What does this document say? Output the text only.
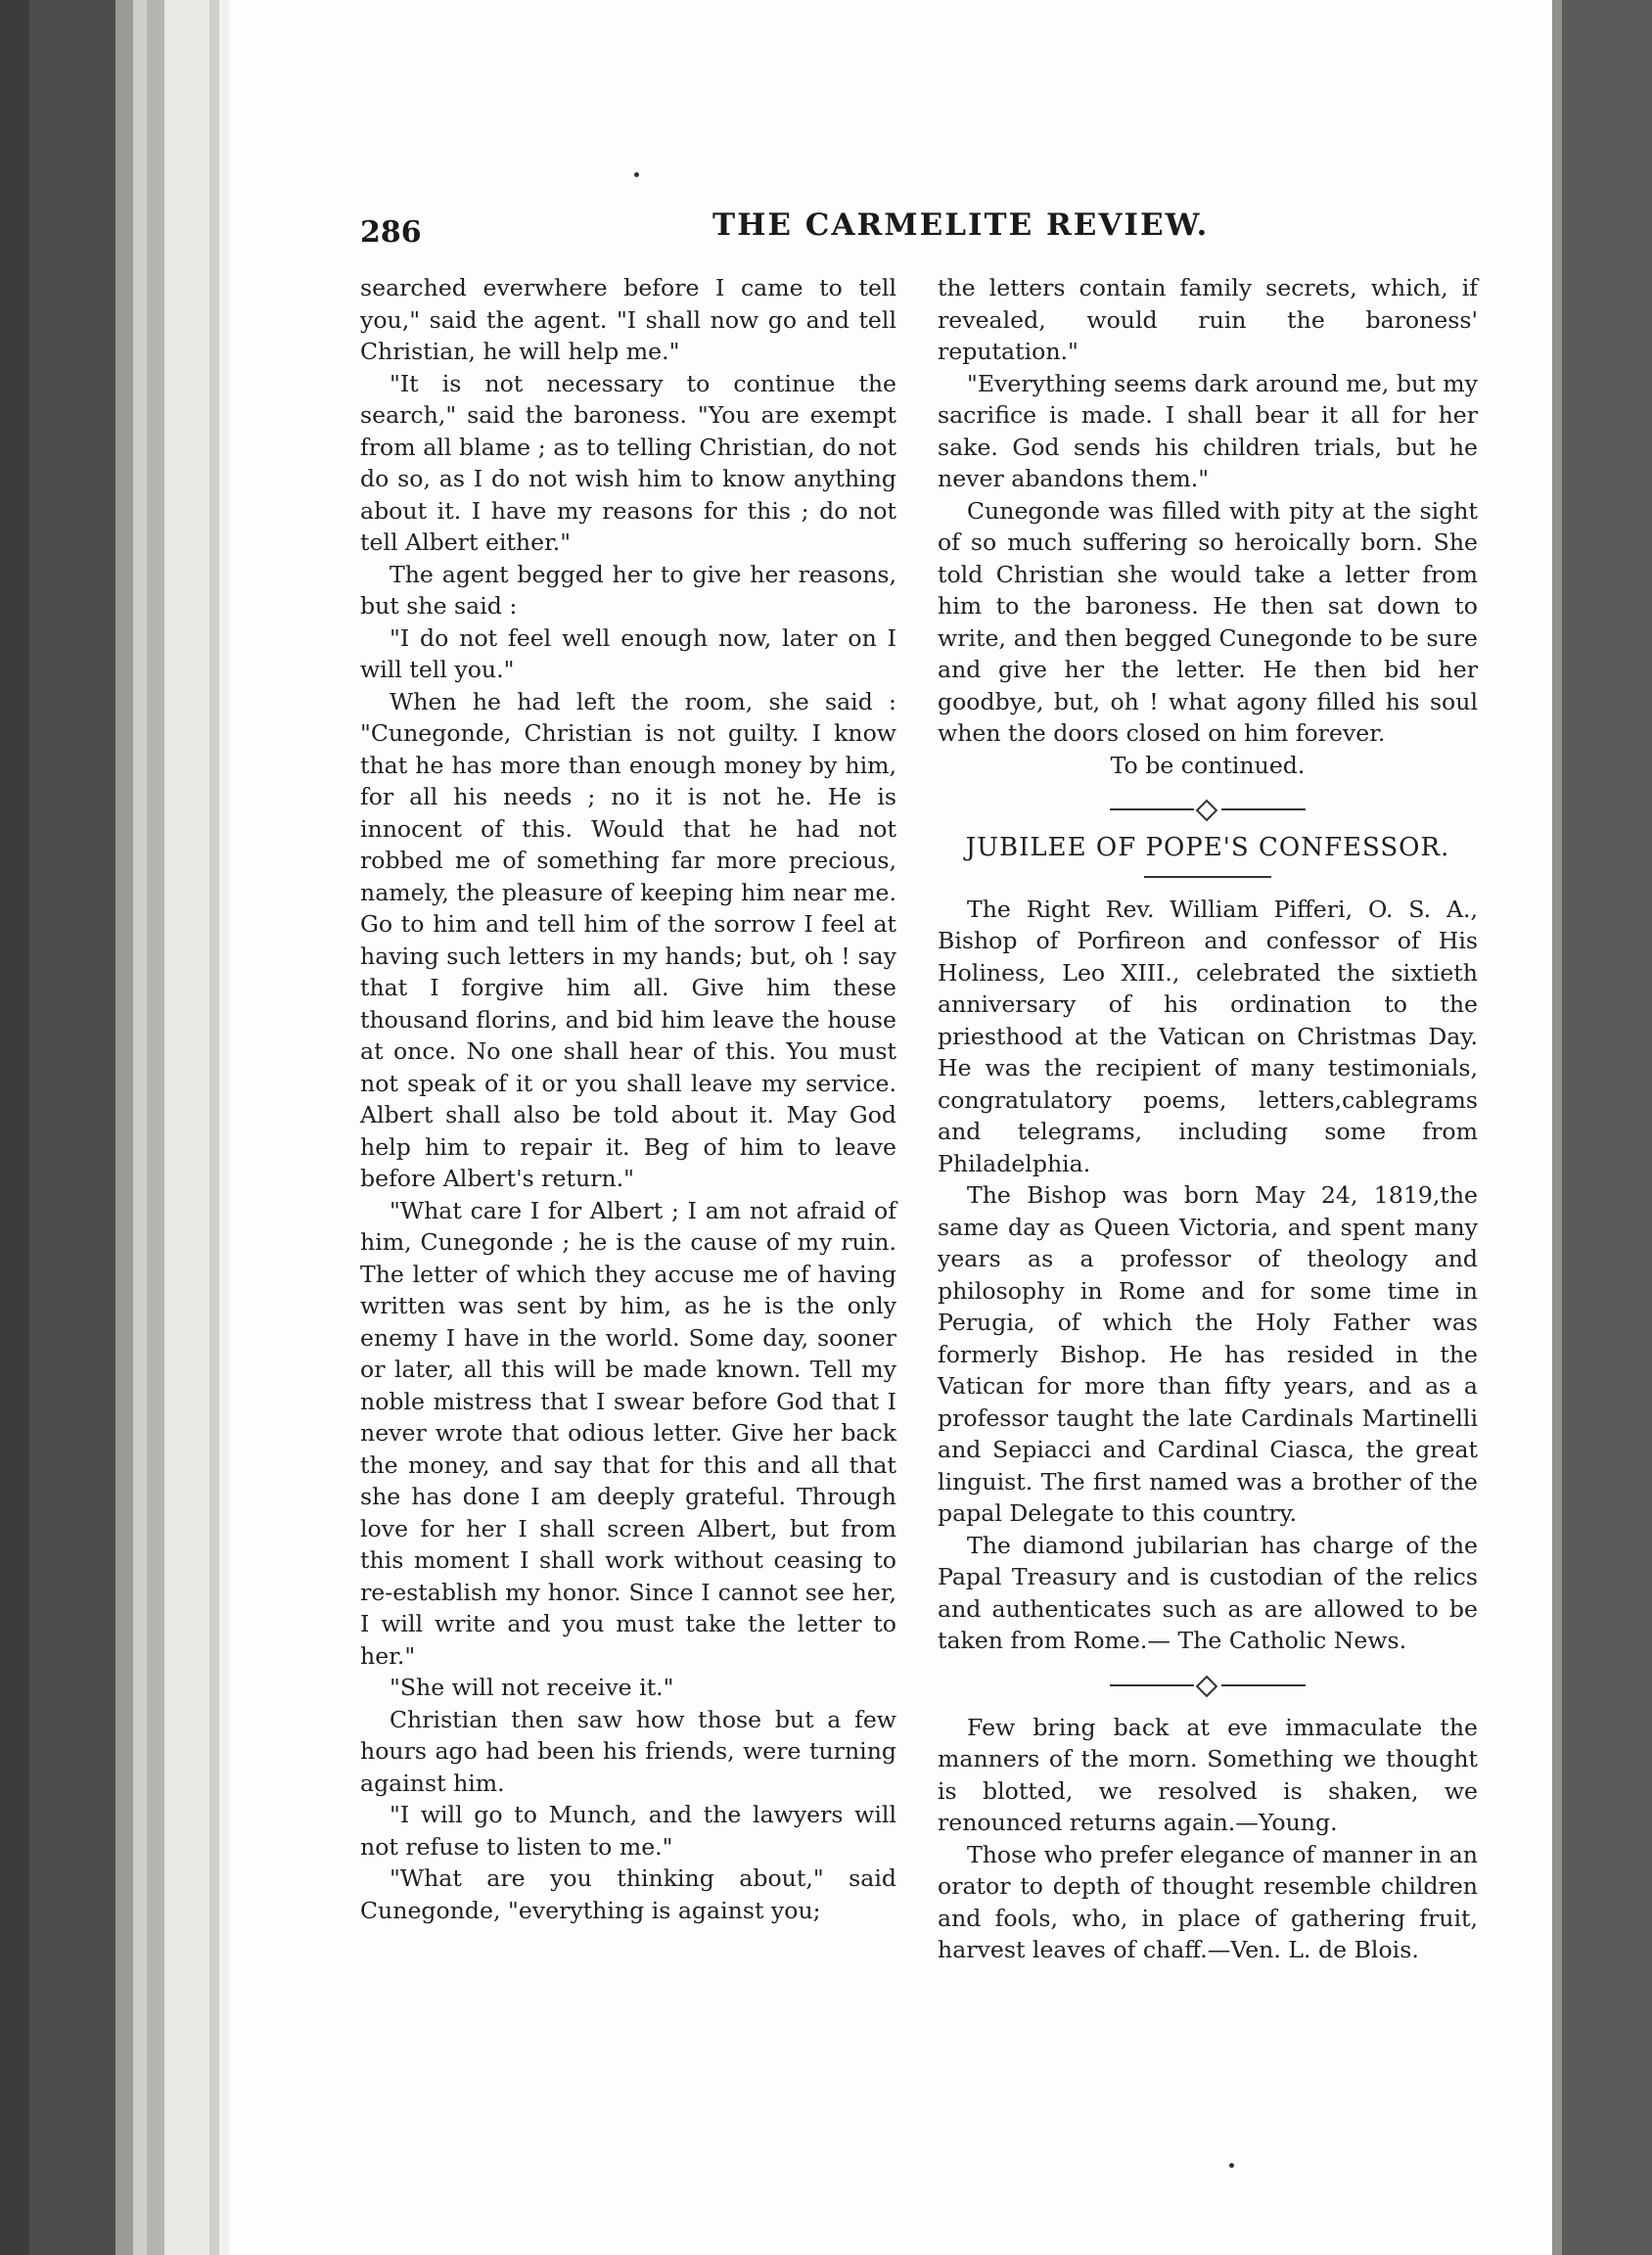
286	THE CARMELITE REVIEW.

searched everwhere before I came to tell you," said the agent. "I shall now go and tell Christian, he will help me."

"It is not necessary to continue the search," said the baroness. "You are exempt from all blame ; as to telling Christian, do not do so, as I do not wish him to know anything about it. I have my reasons for this ; do not tell Albert either."

The agent begged her to give her reasons, but she said :

"I do not feel well enough now, later on I will tell you."

When he had left the room, she said : "Cunegonde, Christian is not guilty. I know that he has more than enough money by him, for all his needs ; no it is not he. He is innocent of this. Would that he had not robbed me of something far more precious, namely, the pleasure of keeping him near me. Go to him and tell him of the sorrow I feel at having such letters in my hands; but, oh ! say that I forgive him all. Give him these thousand florins, and bid him leave the house at once. No one shall hear of this. You must not speak of it or you shall leave my service. Albert shall also be told about it. May God help him to repair it. Beg of him to leave before Albert's return."

"What care I for Albert ; I am not afraid of him, Cunegonde ; he is the cause of my ruin. The letter of which they accuse me of having written was sent by him, as he is the only enemy I have in the world. Some day, sooner or later, all this will be made known. Tell my noble mistress that I swear before God that I never wrote that odious letter. Give her back the money, and say that for this and all that she has done I am deeply grateful. Through love for her I shall screen Albert, but from this moment I shall work without ceasing to re-establish my honor. Since I cannot see her, I will write and you must take the letter to her."

"She will not receive it."

Christian then saw how those but a few hours ago had been his friends, were turning against him.

"I will go to Munch, and the lawyers will not refuse to listen to me."

"What are you thinking about," said Cunegonde, "everything is against you;

the letters contain family secrets, which, if revealed, would ruin the baroness' reputation."

"Everything seems dark around me, but my sacrifice is made. I shall bear it all for her sake. God sends his children trials, but he never abandons them."

Cunegonde was filled with pity at the sight of so much suffering so heroically born. She told Christian she would take a letter from him to the baroness. He then sat down to write, and then begged Cunegonde to be sure and give her the letter. He then bid her goodbye, but, oh ! what agony filled his soul when the doors closed on him forever.

To be continued.

JUBILEE OF POPE'S CONFESSOR.

The Right Rev. William Pifferi, O. S. A., Bishop of Porfireon and confessor of His Holiness, Leo XIII., celebrated the sixtieth anniversary of his ordination to the priesthood at the Vatican on Christmas Day. He was the recipient of many testimonials, congratulatory poems, letters,cablegrams and telegrams, including some from Philadelphia.

The Bishop was born May 24, 1819,the same day as Queen Victoria, and spent many years as a professor of theology and philosophy in Rome and for some time in Perugia, of which the Holy Father was formerly Bishop. He has resided in the Vatican for more than fifty years, and as a professor taught the late Cardinals Martinelli and Sepiacci and Cardinal Ciasca, the great linguist. The first named was a brother of the papal Delegate to this country.

The diamond jubilarian has charge of the Papal Treasury and is custodian of the relics and authenticates such as are allowed to be taken from Rome.— The Catholic News.

Few bring back at eve immaculate the manners of the morn. Something we thought is blotted, we resolved is shaken, we renounced returns again.—Young.

Those who prefer elegance of manner in an orator to depth of thought resemble children and fools, who, in place of gathering fruit, harvest leaves of chaff.—Ven. L. de Blois.
